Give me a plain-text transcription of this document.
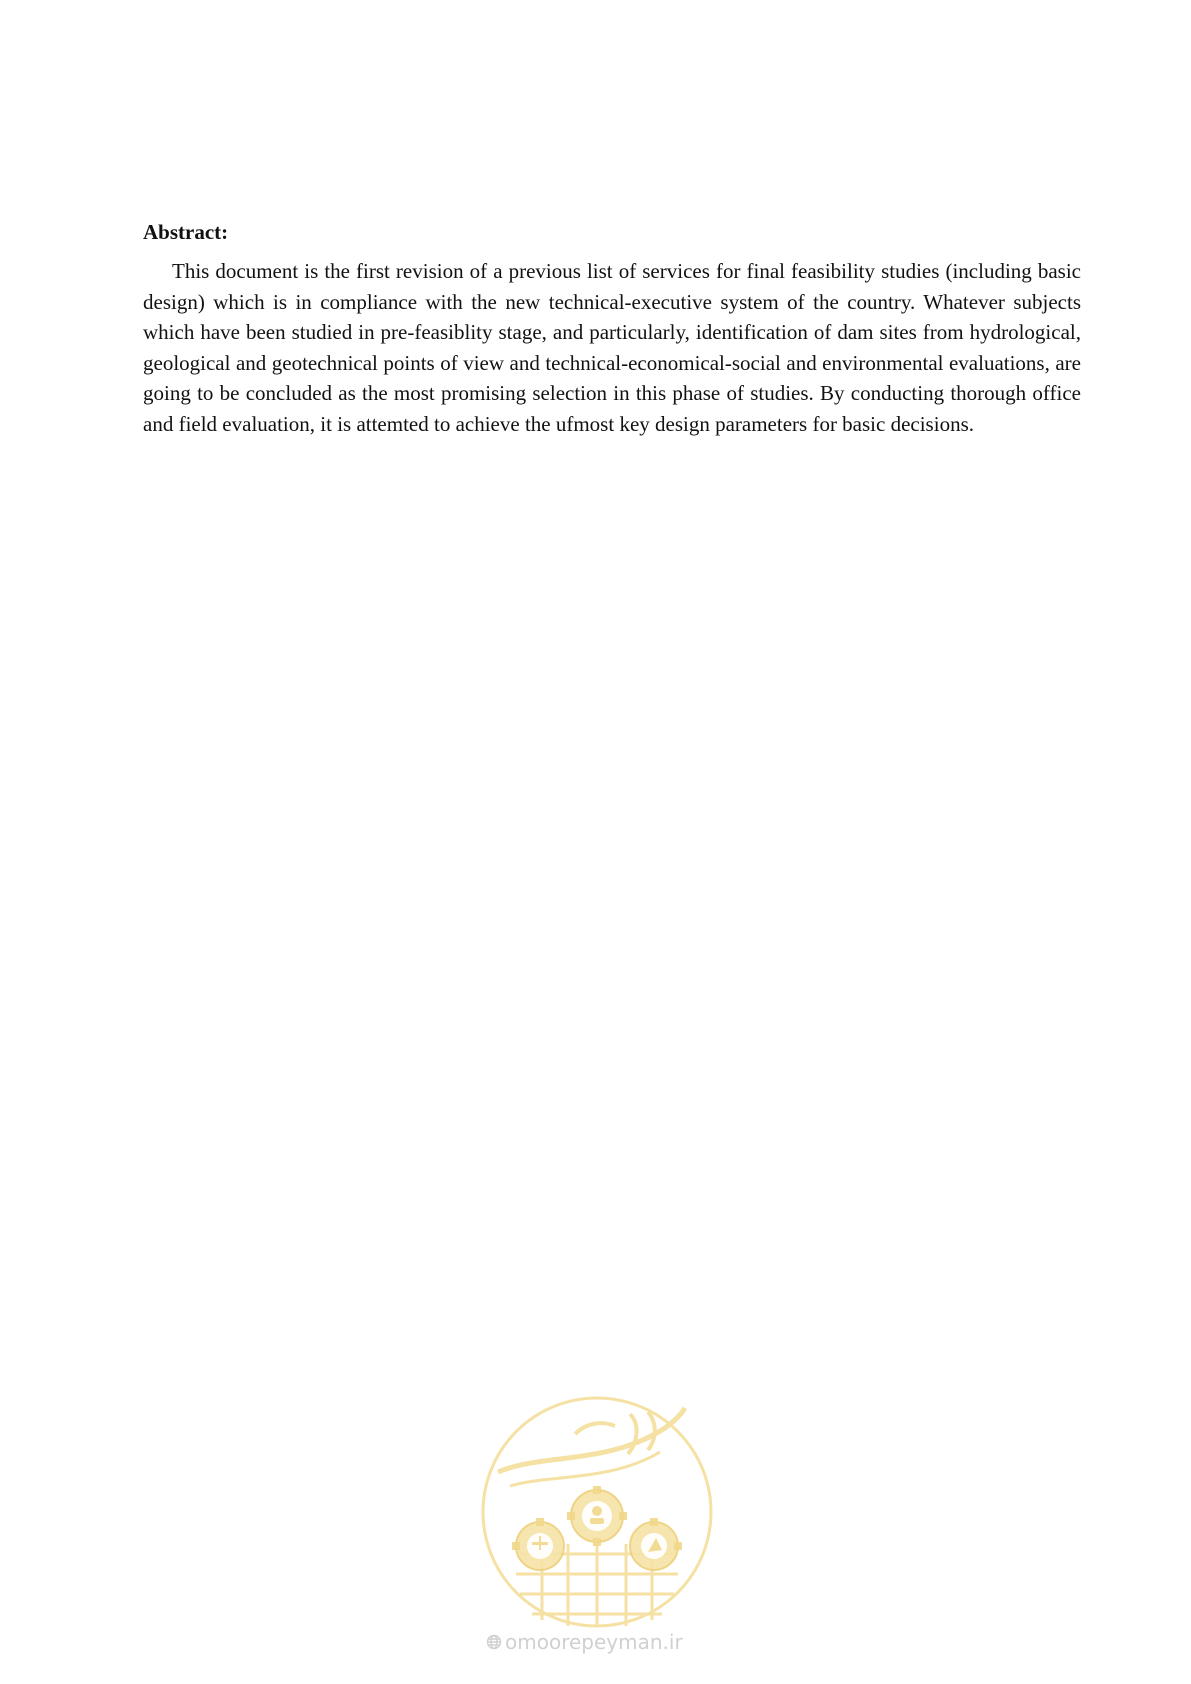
Abstract:

This document is the first revision of a previous list of services for final feasibility studies (including basic design) which is in compliance with the new technical-executive system of the country. Whatever subjects which have been studied in pre-feasiblity stage, and particularly, identification of dam sites from hydrological, geological and geotechnical points of view and technical-economical-social and environmental evaluations, are going to be concluded as the most promising selection in this phase of studies. By conducting thorough office and field evaluation, it is attemted to achieve the ufmost key design parameters for basic decisions.

omoorepeyman.ir
